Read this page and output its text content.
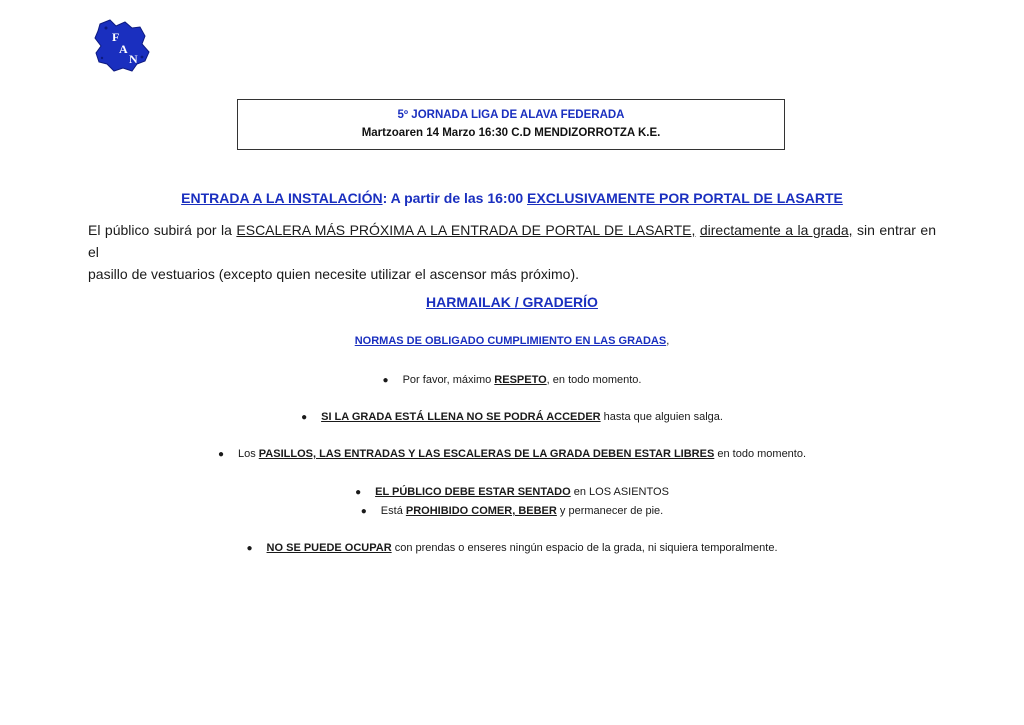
F
A
N
5º JORNADA LIGA DE ALAVA FEDERADA
Martzoaren 14 Marzo 16:30 C.D MENDIZORROTZA K.E.
ENTRADA A LA INSTALACIÓN: A partir de las 16:00 EXCLUSIVAMENTE POR PORTAL DE LASARTE
El público subirá por la ESCALERA MÁS PRÓXIMA A LA ENTRADA DE PORTAL DE LASARTE, directamente a la grada, sin entrar en el
pasillo de vestuarios (excepto quien necesite utilizar el ascensor más próximo).
HARMAILAK / GRADERÍO
NORMAS DE OBLIGADO CUMPLIMIENTO EN LAS GRADAS,
● Por favor, máximo RESPETO, en todo momento.
● SI LA GRADA ESTÁ LLENA NO SE PODRÁ ACCEDER hasta que alguien salga.
● Los PASILLOS, LAS ENTRADAS Y LAS ESCALERAS DE LA GRADA DEBEN ESTAR LIBRES en todo momento.
● EL PÚBLICO DEBE ESTAR SENTADO en LOS ASIENTOS
● Está PROHIBIDO COMER, BEBER y permanecer de pie.
● NO SE PUEDE OCUPAR con prendas o enseres ningún espacio de la grada, ni siquiera temporalmente.
